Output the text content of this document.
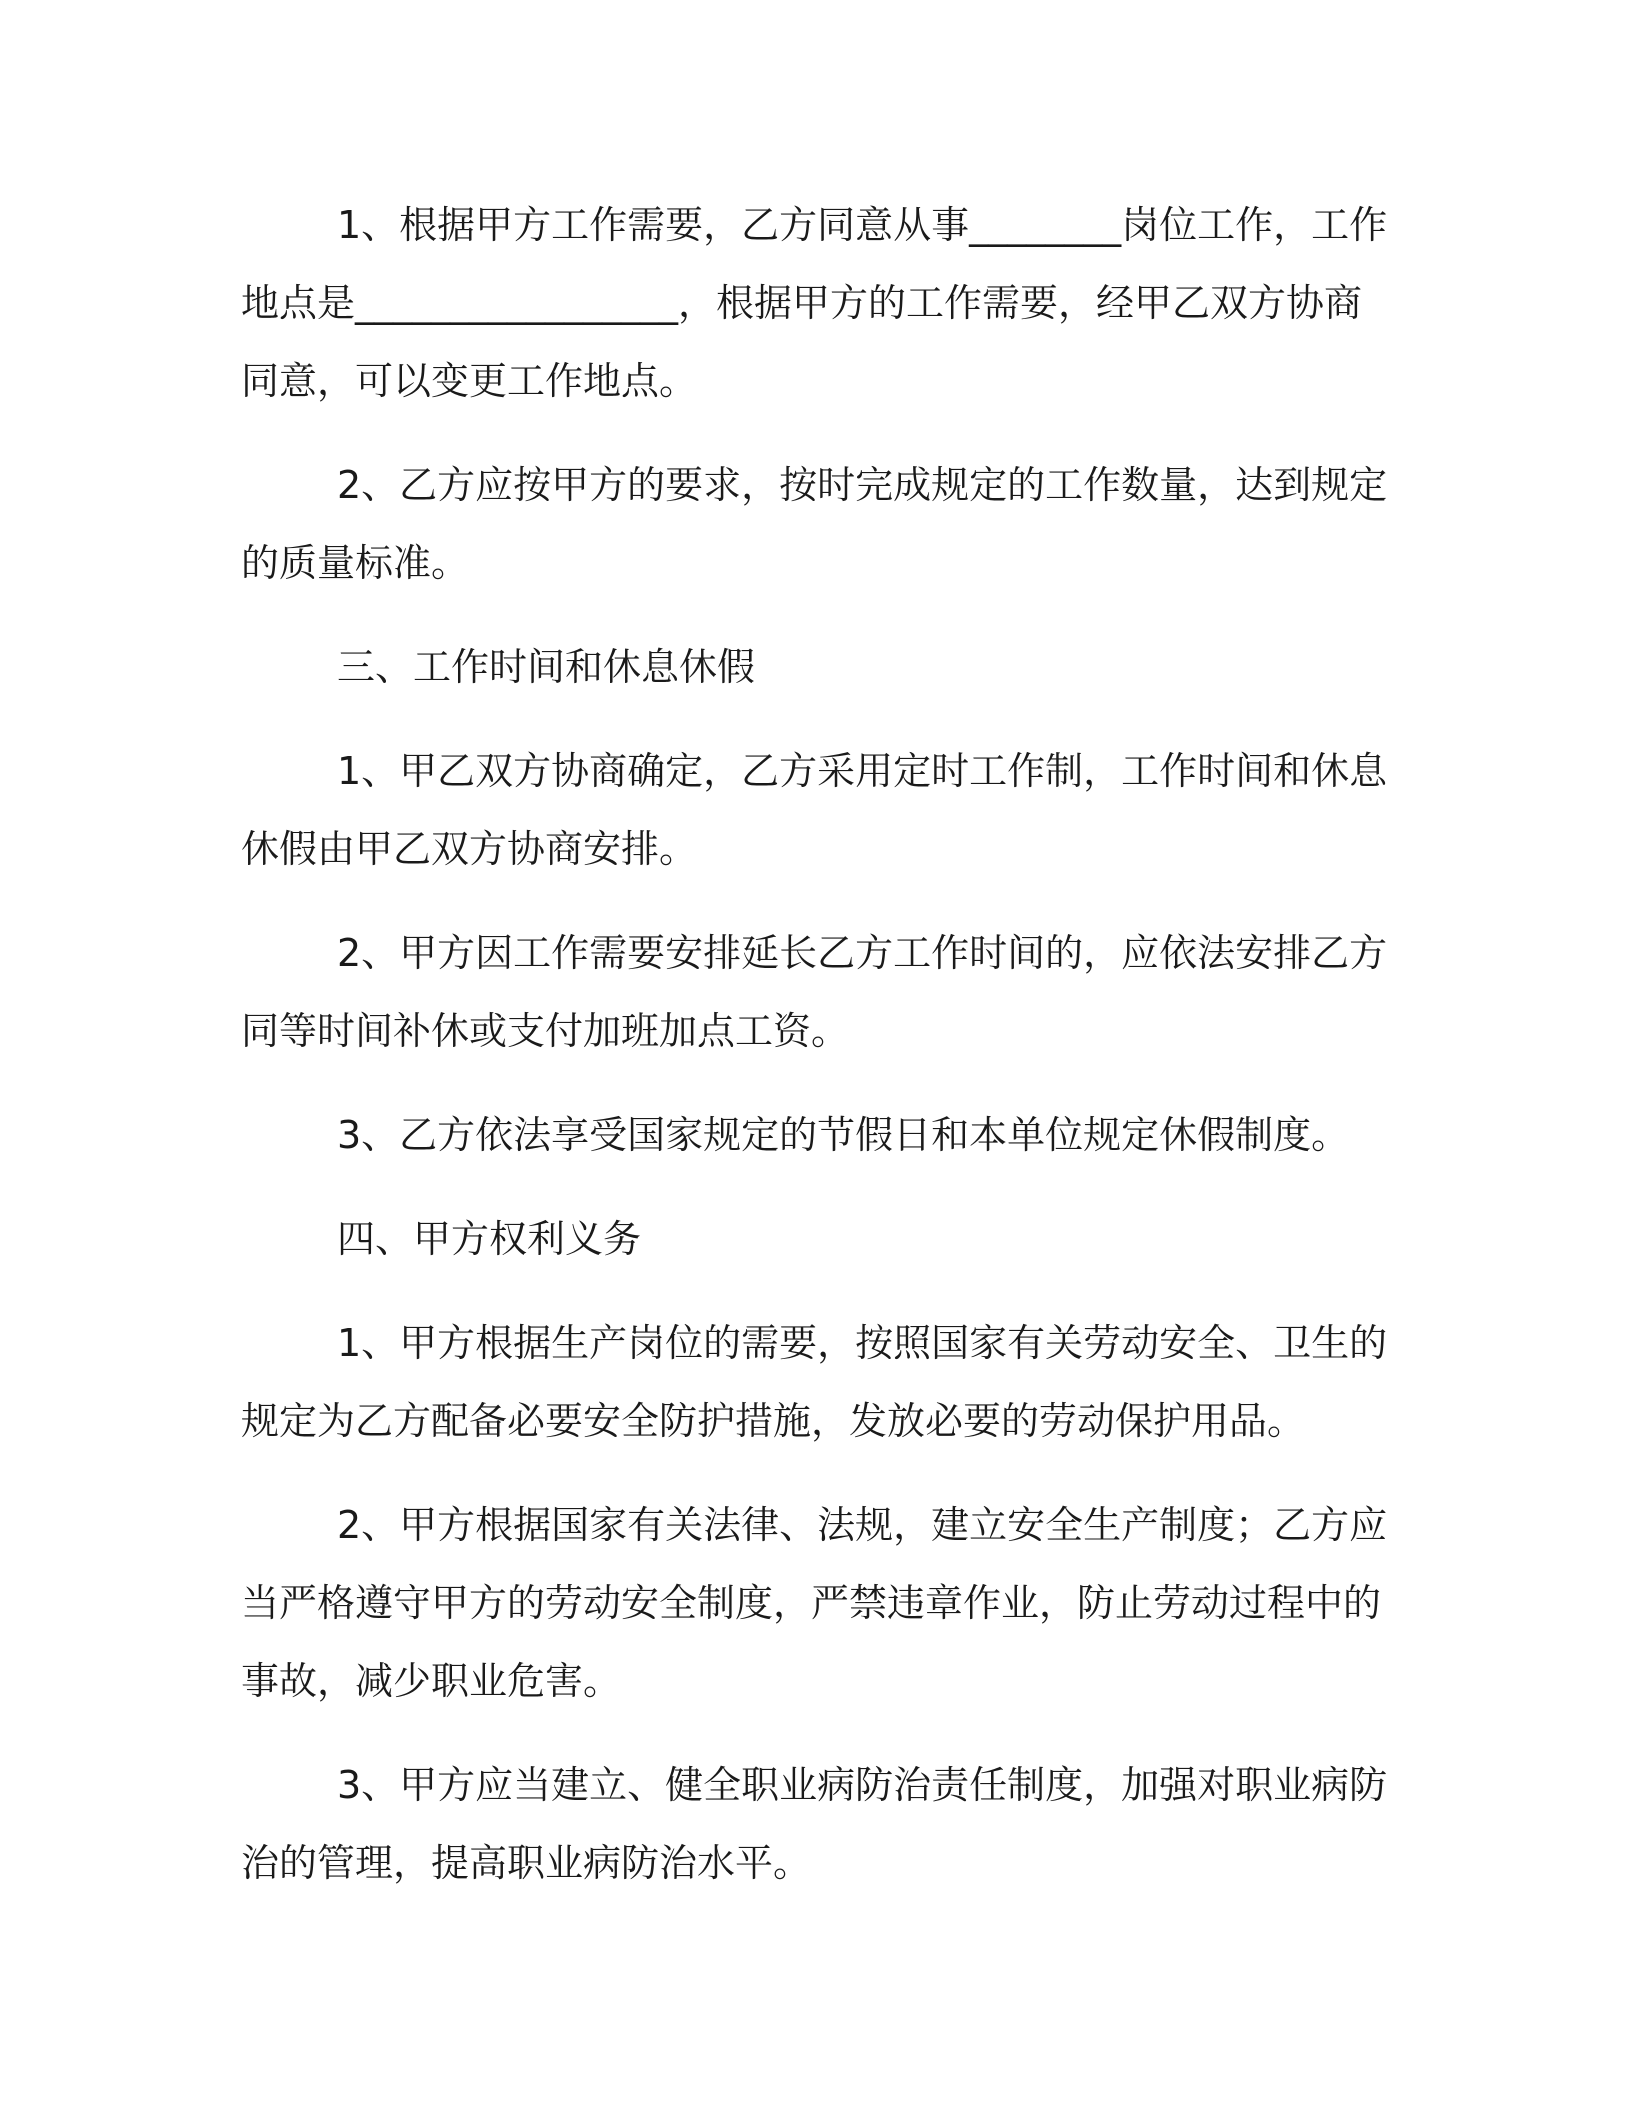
1、根据甲方工作需要，乙方同意从事________岗位工作，工作地点是_________________，根据甲方的工作需要，经甲乙双方协商同意，可以变更工作地点。

2、乙方应按甲方的要求，按时完成规定的工作数量，达到规定的质量标准。

三、工作时间和休息休假

1、甲乙双方协商确定，乙方采用定时工作制，工作时间和休息休假由甲乙双方协商安排。

2、甲方因工作需要安排延长乙方工作时间的，应依法安排乙方同等时间补休或支付加班加点工资。

3、乙方依法享受国家规定的节假日和本单位规定休假制度。

四、甲方权利义务

1、甲方根据生产岗位的需要，按照国家有关劳动安全、卫生的规定为乙方配备必要安全防护措施，发放必要的劳动保护用品。

2、甲方根据国家有关法律、法规，建立安全生产制度；乙方应当严格遵守甲方的劳动安全制度，严禁违章作业，防止劳动过程中的事故，减少职业危害。

3、甲方应当建立、健全职业病防治责任制度，加强对职业病防治的管理，提高职业病防治水平。
